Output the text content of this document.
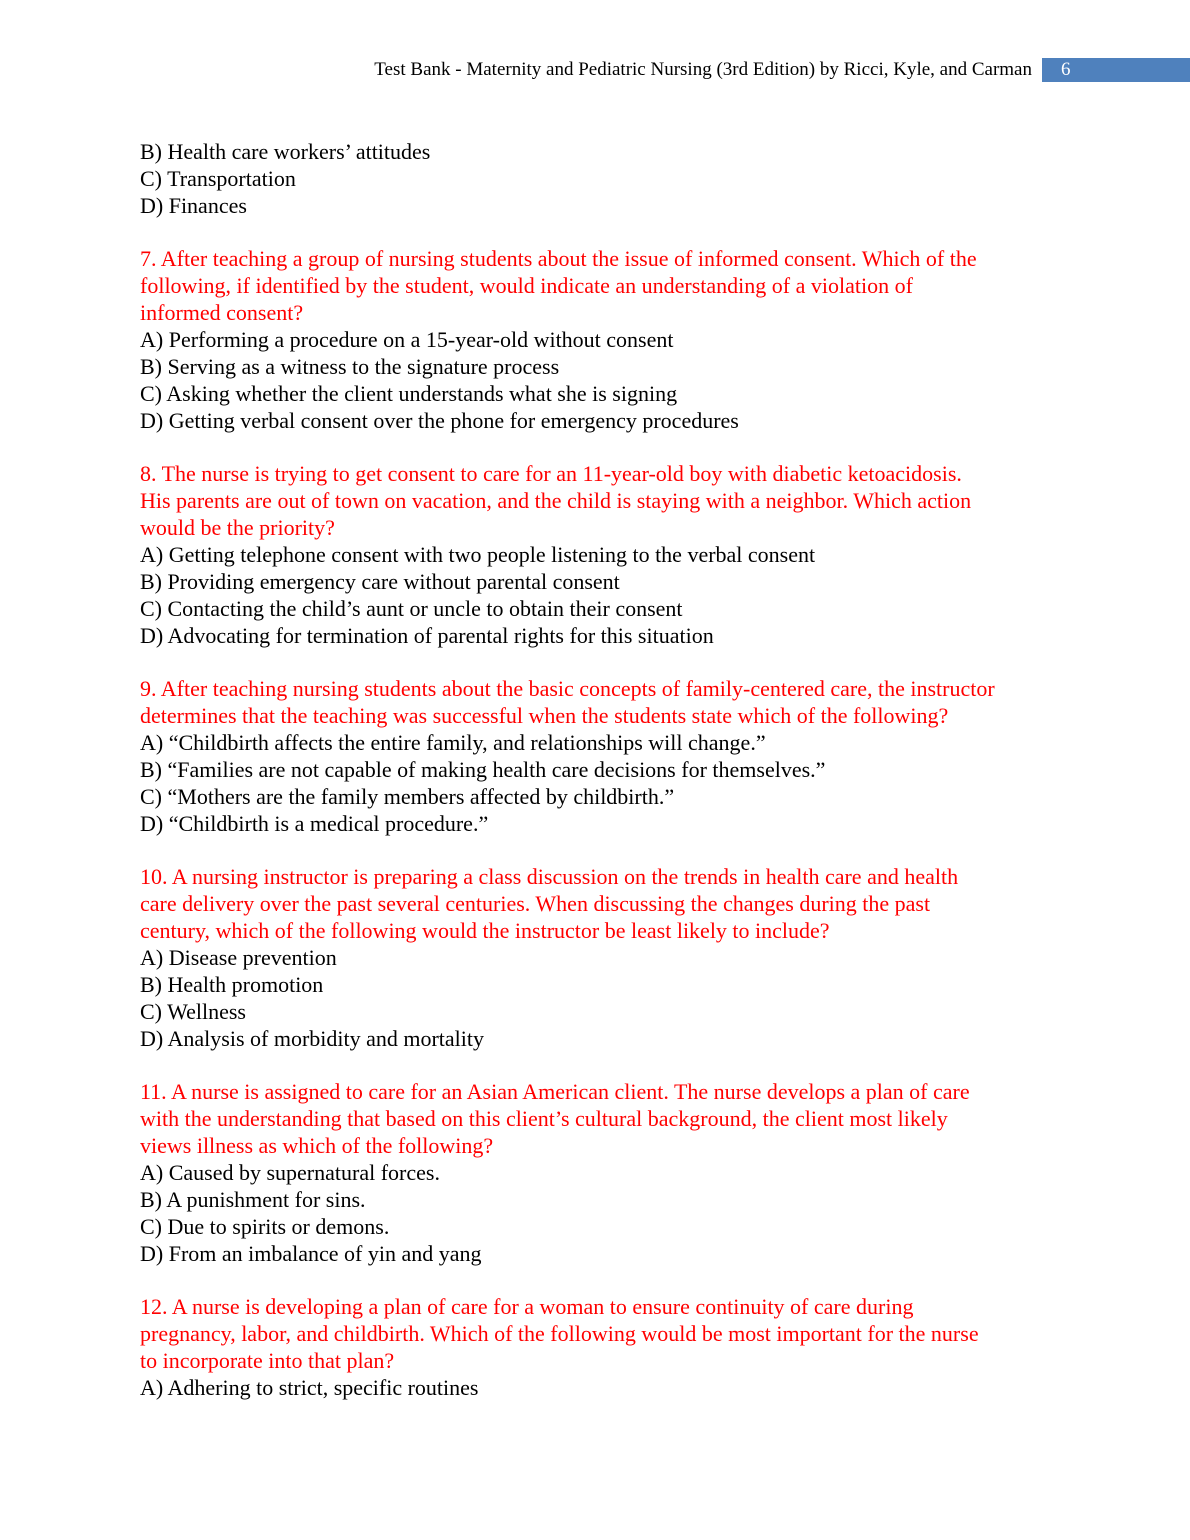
Test Bank - Maternity and Pediatric Nursing (3rd Edition) by Ricci, Kyle, and Carman	6
B) Health care workers’ attitudes
C) Transportation
D) Finances
7. After teaching a group of nursing students about the issue of informed consent. Which of the
following, if identified by the student, would indicate an understanding of a violation of
informed consent?
A) Performing a procedure on a 15-year-old without consent
B) Serving as a witness to the signature process
C) Asking whether the client understands what she is signing
D) Getting verbal consent over the phone for emergency procedures
8. The nurse is trying to get consent to care for an 11-year-old boy with diabetic ketoacidosis.
His parents are out of town on vacation, and the child is staying with a neighbor. Which action
would be the priority?
A) Getting telephone consent with two people listening to the verbal consent
B) Providing emergency care without parental consent
C) Contacting the child’s aunt or uncle to obtain their consent
D) Advocating for termination of parental rights for this situation
9. After teaching nursing students about the basic concepts of family-centered care, the instructor
determines that the teaching was successful when the students state which of the following?
A) “Childbirth affects the entire family, and relationships will change.”
B) “Families are not capable of making health care decisions for themselves.”
C) “Mothers are the family members affected by childbirth.”
D) “Childbirth is a medical procedure.”
10. A nursing instructor is preparing a class discussion on the trends in health care and health
care delivery over the past several centuries. When discussing the changes during the past
century, which of the following would the instructor be least likely to include?
A) Disease prevention
B) Health promotion
C) Wellness
D) Analysis of morbidity and mortality
11. A nurse is assigned to care for an Asian American client. The nurse develops a plan of care
with the understanding that based on this client’s cultural background, the client most likely
views illness as which of the following?
A) Caused by supernatural forces.
B) A punishment for sins.
C) Due to spirits or demons.
D) From an imbalance of yin and yang
12. A nurse is developing a plan of care for a woman to ensure continuity of care during
pregnancy, labor, and childbirth. Which of the following would be most important for the nurse
to incorporate into that plan?
A) Adhering to strict, specific routines
